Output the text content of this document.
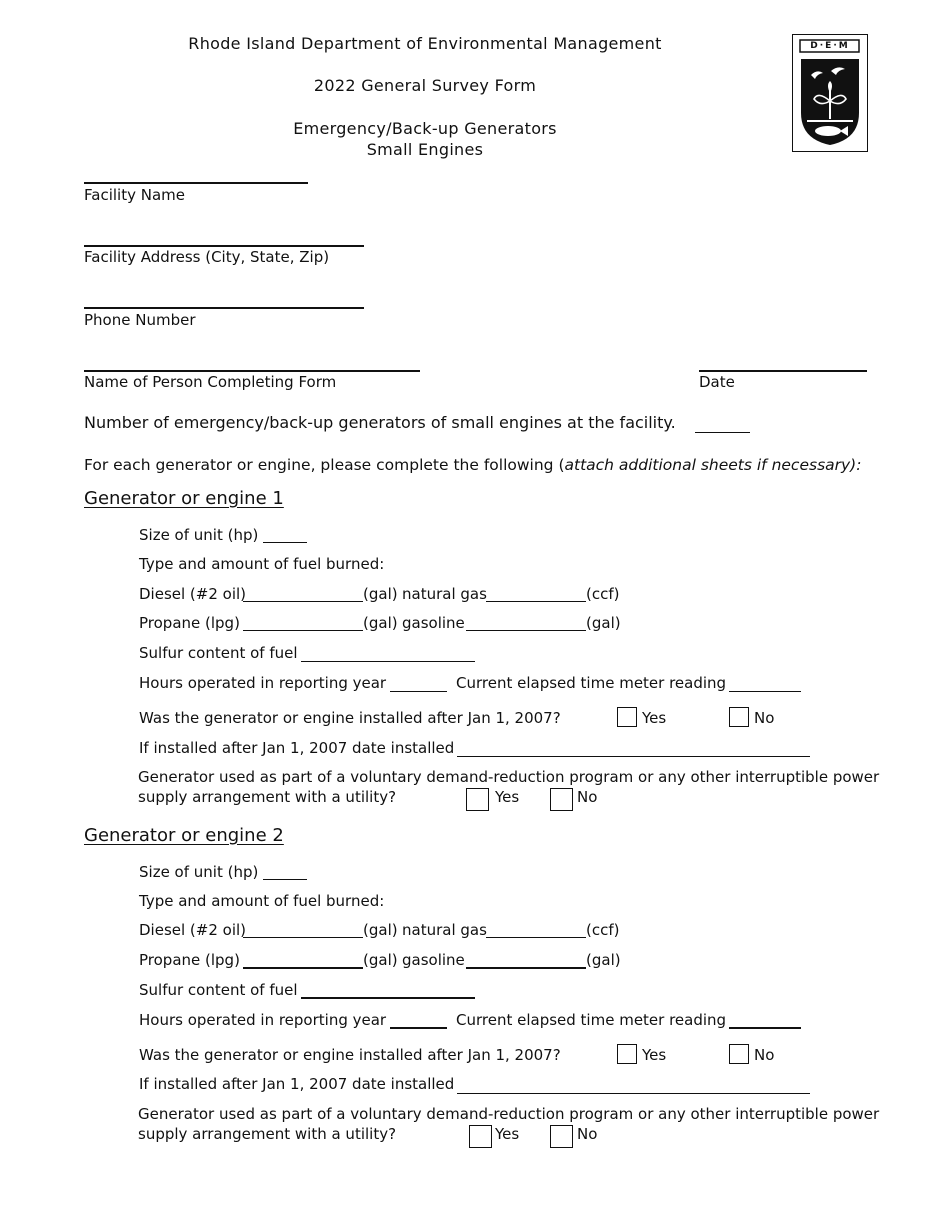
Rhode Island Department of Environmental Management
2022 General Survey Form
Emergency/Back-up Generators
Small Engines
D·E·M
Facility Name
Facility Address (City, State, Zip)
Phone Number
Name of Person Completing Form	Date
Number of emergency/back-up generators of small engines at the facility.
For each generator or engine, please complete the following (attach additional sheets if necessary):
Generator or engine 1
Size of unit (hp)
Type and amount of fuel burned:
Diesel (#2 oil)	(gal) natural gas	(ccf)
Propane (lpg)	(gal) gasoline	(gal)
Sulfur content of fuel
Hours operated in reporting year	Current elapsed time meter reading
Was the generator or engine installed after Jan 1, 2007?	Yes	No
If installed after Jan 1, 2007 date installed
Generator used as part of a voluntary demand-reduction program or any other interruptible power
supply arrangement with a utility?	Yes	No
Generator or engine 2
Size of unit (hp)
Type and amount of fuel burned:
Diesel (#2 oil)	(gal) natural gas	(ccf)
Propane (lpg)	(gal) gasoline	(gal)
Sulfur content of fuel
Hours operated in reporting year	Current elapsed time meter reading
Was the generator or engine installed after Jan 1, 2007?	Yes	No
If installed after Jan 1, 2007 date installed
Generator used as part of a voluntary demand-reduction program or any other interruptible power
supply arrangement with a utility?	Yes	No
